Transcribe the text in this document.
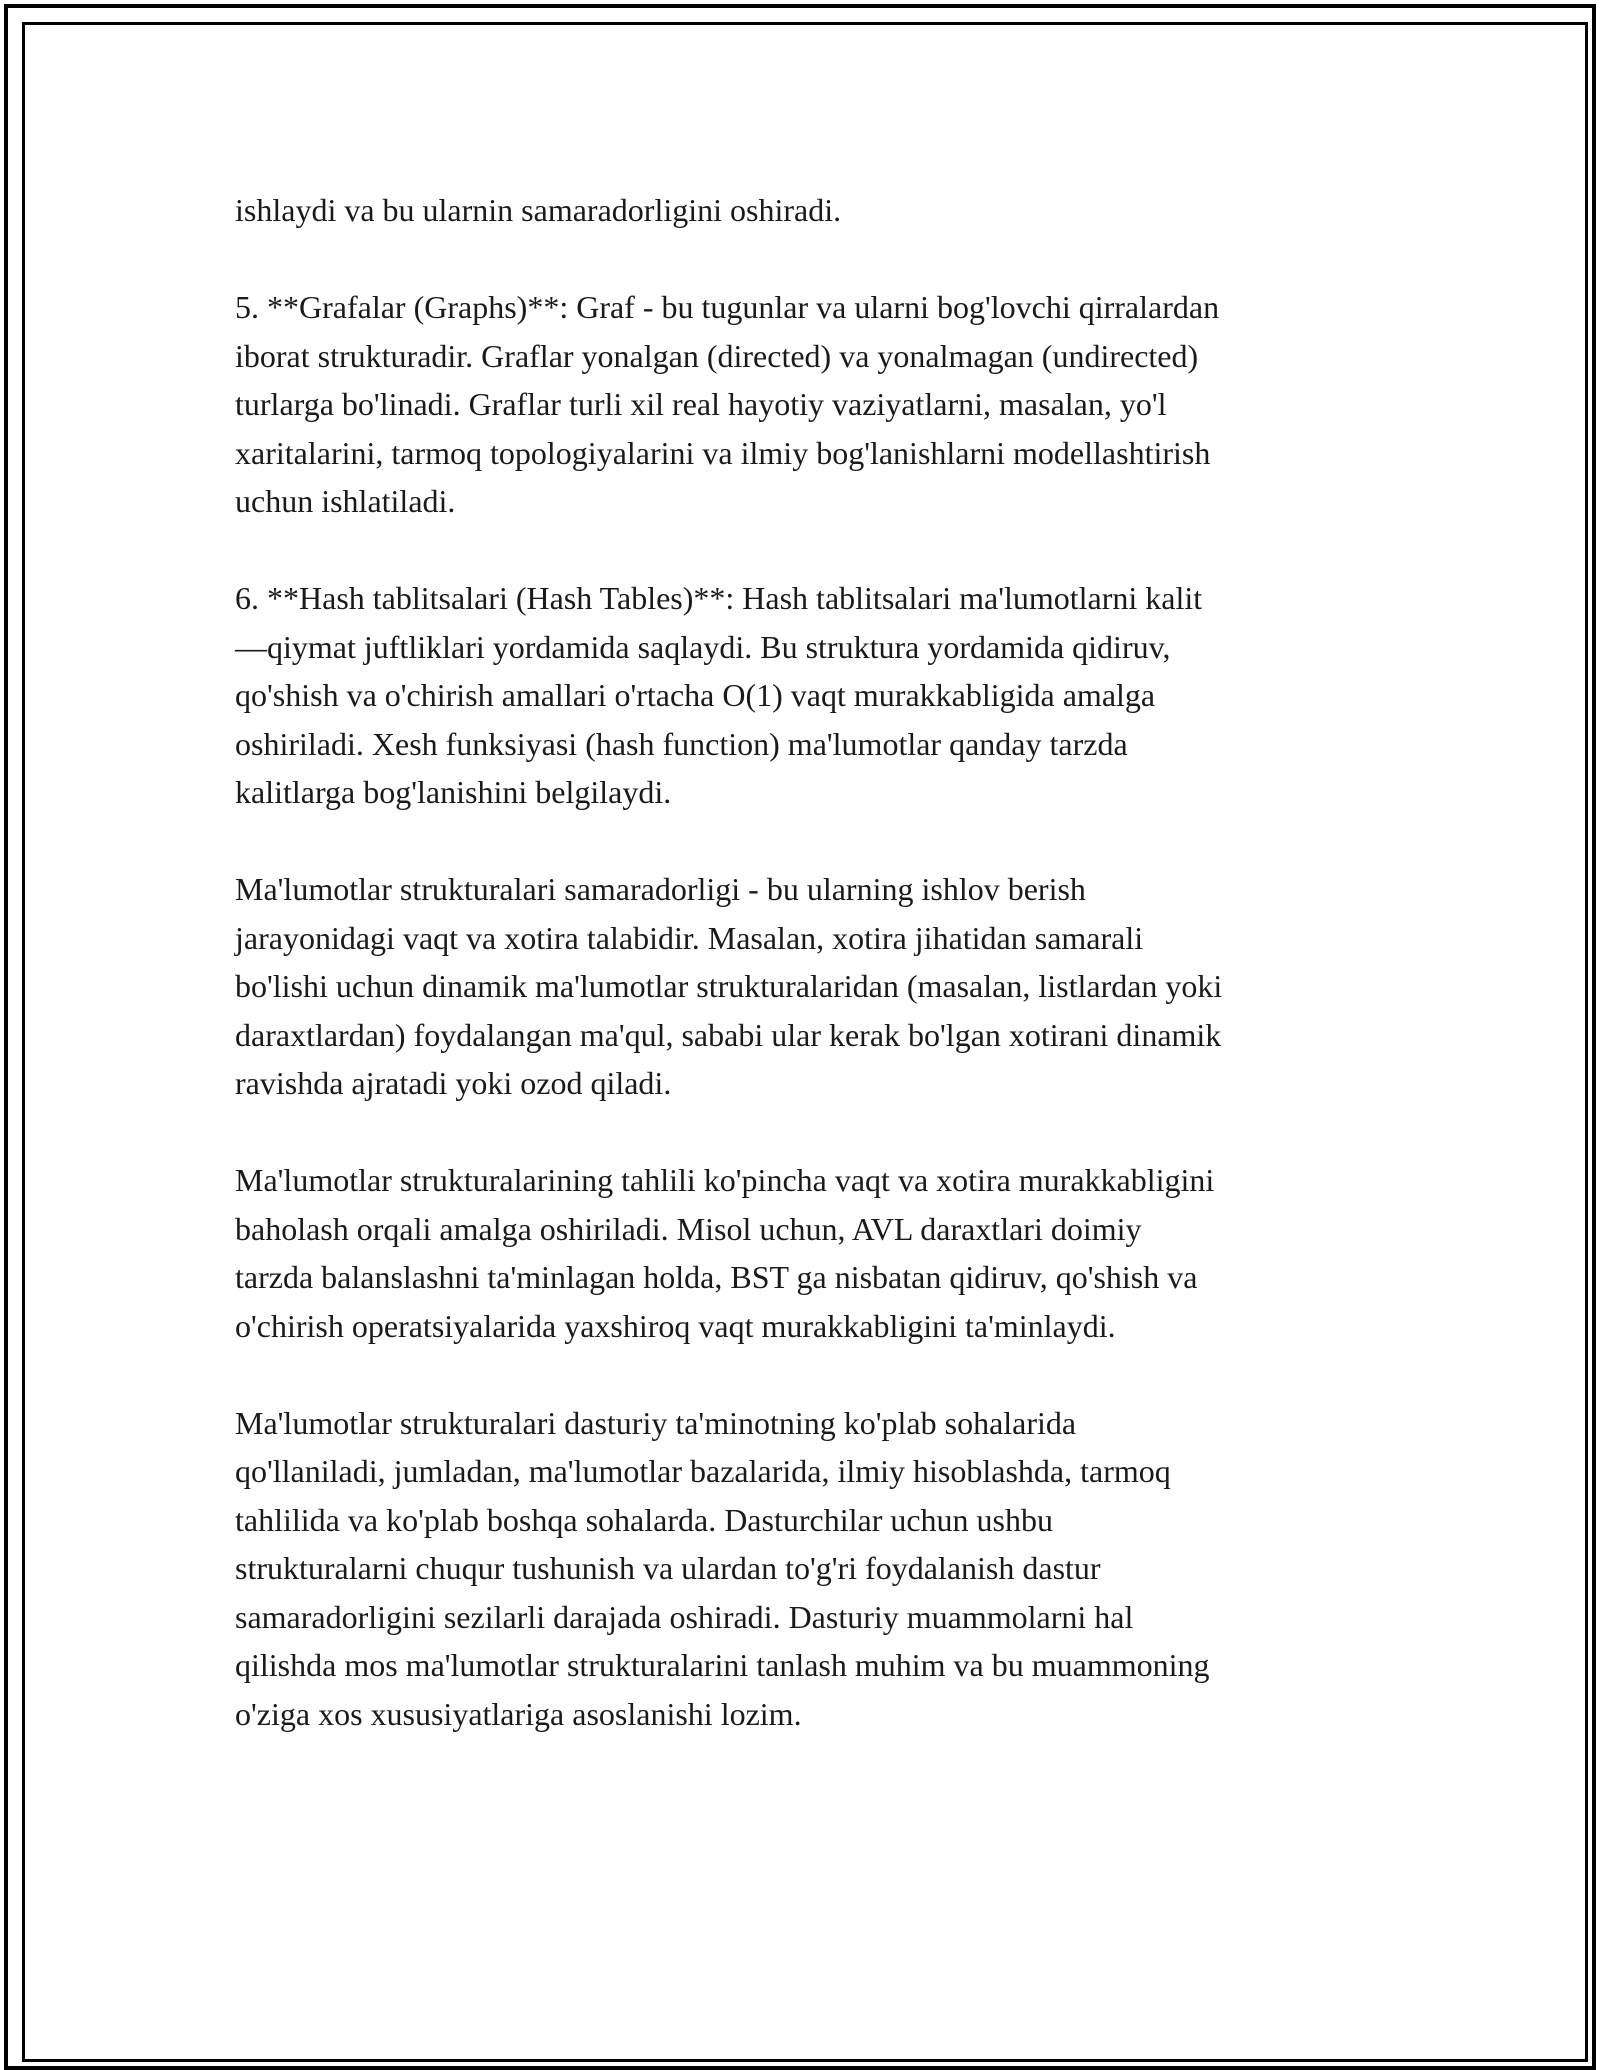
ishlaydi va bu ularnin samaradorligini oshiradi.

5. **Grafalar (Graphs)**: Graf - bu tugunlar va ularni bog'lovchi qirralardan
iborat strukturadir. Graflar yonalgan (directed) va yonalmagan (undirected)
turlarga bo'linadi. Graflar turli xil real hayotiy vaziyatlarni, masalan, yo'l
xaritalarini, tarmoq topologiyalarini va ilmiy bog'lanishlarni modellashtirish
uchun ishlatiladi.

6. **Hash tablitsalari (Hash Tables)**: Hash tablitsalari ma'lumotlarni kalit
—qiymat juftliklari yordamida saqlaydi. Bu struktura yordamida qidiruv,
qo'shish va o'chirish amallari o'rtacha O(1) vaqt murakkabligida amalga
oshiriladi. Xesh funksiyasi (hash function) ma'lumotlar qanday tarzda
kalitlarga bog'lanishini belgilaydi.

Ma'lumotlar strukturalari samaradorligi - bu ularning ishlov berish
jarayonidagi vaqt va xotira talabidir. Masalan, xotira jihatidan samarali
bo'lishi uchun dinamik ma'lumotlar strukturalaridan (masalan, listlardan yoki
daraxtlardan) foydalangan ma'qul, sababi ular kerak bo'lgan xotirani dinamik
ravishda ajratadi yoki ozod qiladi.

Ma'lumotlar strukturalarining tahlili ko'pincha vaqt va xotira murakkabligini
baholash orqali amalga oshiriladi. Misol uchun, AVL daraxtlari doimiy
tarzda balanslashni ta'minlagan holda, BST ga nisbatan qidiruv, qo'shish va
o'chirish operatsiyalarida yaxshiroq vaqt murakkabligini ta'minlaydi.

Ma'lumotlar strukturalari dasturiy ta'minotning ko'plab sohalarida
qo'llaniladi, jumladan, ma'lumotlar bazalarida, ilmiy hisoblashda, tarmoq
tahlilida va ko'plab boshqa sohalarda. Dasturchilar uchun ushbu
strukturalarni chuqur tushunish va ulardan to'g'ri foydalanish dastur
samaradorligini sezilarli darajada oshiradi. Dasturiy muammolarni hal
qilishda mos ma'lumotlar strukturalarini tanlash muhim va bu muammoning
o'ziga xos xususiyatlariga asoslanishi lozim.
